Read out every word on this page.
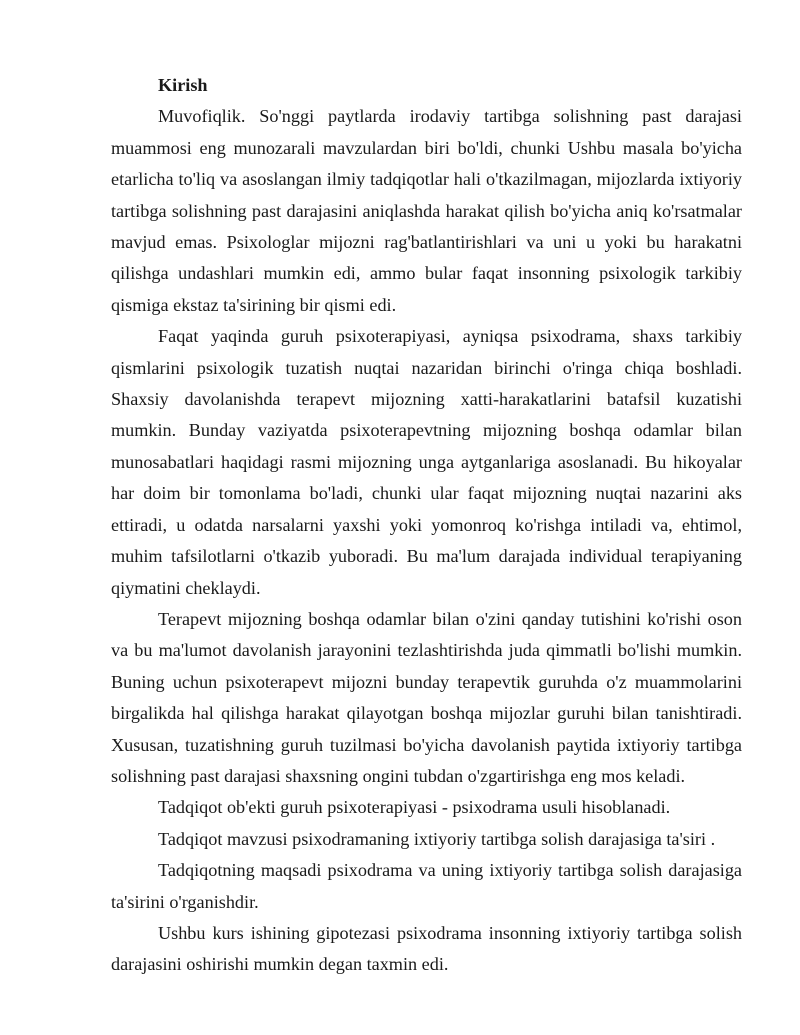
Kirish

Muvofiqlik. So'nggi paytlarda irodaviy tartibga solishning past darajasi muammosi eng munozarali mavzulardan biri bo'ldi, chunki Ushbu masala bo'yicha etarlicha to'liq va asoslangan ilmiy tadqiqotlar hali o'tkazilmagan, mijozlarda ixtiyoriy tartibga solishning past darajasini aniqlashda harakat qilish bo'yicha aniq ko'rsatmalar mavjud emas. Psixologlar mijozni rag'batlantirishlari va uni u yoki bu harakatni qilishga undashlari mumkin edi, ammo bular faqat insonning psixologik tarkibiy qismiga ekstaz ta'sirining bir qismi edi.

Faqat yaqinda guruh psixoterapiyasi, ayniqsa psixodrama, shaxs tarkibiy qismlarini psixologik tuzatish nuqtai nazaridan birinchi o'ringa chiqa boshladi. Shaxsiy davolanishda terapevt mijozning xatti-harakatlarini batafsil kuzatishi mumkin. Bunday vaziyatda psixoterapevtning mijozning boshqa odamlar bilan munosabatlari haqidagi rasmi mijozning unga aytganlariga asoslanadi. Bu hikoyalar har doim bir tomonlama bo'ladi, chunki ular faqat mijozning nuqtai nazarini aks ettiradi, u odatda narsalarni yaxshi yoki yomonroq ko'rishga intiladi va, ehtimol, muhim tafsilotlarni o'tkazib yuboradi. Bu ma'lum darajada individual terapiyaning qiymatini cheklaydi.

Terapevt mijozning boshqa odamlar bilan o'zini qanday tutishini ko'rishi oson va bu ma'lumot davolanish jarayonini tezlashtirishda juda qimmatli bo'lishi mumkin. Buning uchun psixoterapevt mijozni bunday terapevtik guruhda o'z muammolarini birgalikda hal qilishga harakat qilayotgan boshqa mijozlar guruhi bilan tanishtiradi. Xususan, tuzatishning guruh tuzilmasi bo'yicha davolanish paytida ixtiyoriy tartibga solishning past darajasi shaxsning ongini tubdan o'zgartirishga eng mos keladi.

Tadqiqot ob'ekti guruh psixoterapiyasi - psixodrama usuli hisoblanadi.

Tadqiqot mavzusi psixodramaning ixtiyoriy tartibga solish darajasiga ta'siri .

Tadqiqotning maqsadi psixodrama va uning ixtiyoriy tartibga solish darajasiga ta'sirini o'rganishdir.

Ushbu kurs ishining gipotezasi psixodrama insonning ixtiyoriy tartibga solish darajasini oshirishi mumkin degan taxmin edi.
